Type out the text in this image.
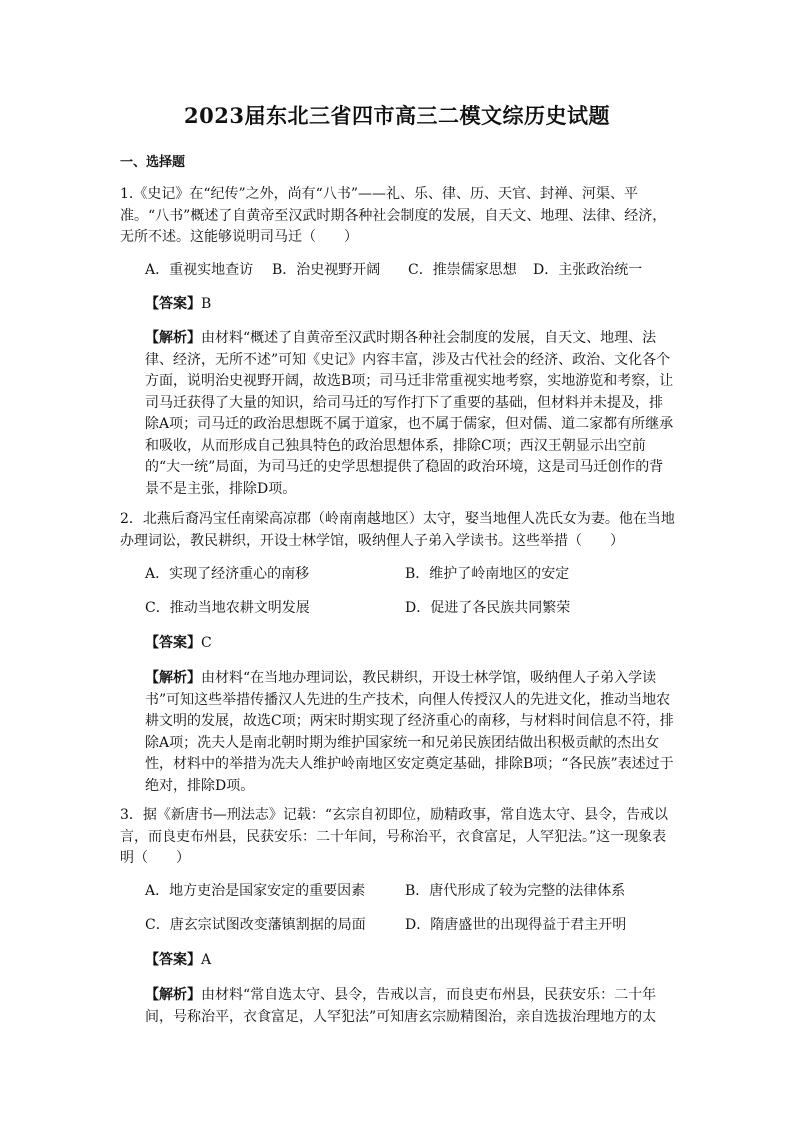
2023届东北三省四市高三二模文综历史试题
一、选择题

1.《史记》在“纪传”之外，尚有“八书”——礼、乐、律、历、天官、封禅、河渠、平准。“八书”概述了自黄帝至汉武时期各种社会制度的发展，自天文、地理、法律、经济，无所不述。这能够说明司马迁（　　）

A．重视实地查访 B．治史视野开阔 C．推崇儒家思想 D．主张政治统一
【答案】B
【解析】由材料“概述了自黄帝至汉武时期各种社会制度的发展，自天文、地理、法律、经济，无所不述”可知《史记》内容丰富，涉及古代社会的经济、政治、文化各个方面，说明治史视野开阔，故选B项；司马迁非常重视实地考察，实地游览和考察，让司马迁获得了大量的知识，给司马迁的写作打下了重要的基础，但材料并未提及，排除A项；司马迁的政治思想既不属于道家，也不属于儒家，但对儒、道二家都有所继承和吸收，从而形成自己独具特色的政治思想体系，排除C项；西汉王朝显示出空前的“大一统”局面，为司马迁的史学思想提供了稳固的政治环境，这是司马迁创作的背景不是主张，排除D项。

2．北燕后裔冯宝任南梁高凉郡（岭南南越地区）太守，娶当地俚人冼氏女为妻。他在当地办理词讼，教民耕织，开设士林学馆，吸纳俚人子弟入学读书。这些举措（　　）

A．实现了经济重心的南移	B．维护了岭南地区的安定
C．推动当地农耕文明发展	D．促进了各民族共同繁荣
【答案】C
【解析】由材料“在当地办理词讼，教民耕织，开设士林学馆，吸纳俚人子弟入学读书”可知这些举措传播汉人先进的生产技术，向俚人传授汉人的先进文化，推动当地农耕文明的发展，故选C项；两宋时期实现了经济重心的南移，与材料时间信息不符，排除A项；冼夫人是南北朝时期为维护国家统一和兄弟民族团结做出积极贡献的杰出女性，材料中的举措为冼夫人维护岭南地区安定奠定基础，排除B项；“各民族”表述过于绝对，排除D项。

3．据《新唐书—刑法志》记载：“玄宗自初即位，励精政事，常自选太守、县令，告戒以言，而良吏布州县，民获安乐：二十年间，号称治平，衣食富足，人罕犯法。”这一现象表明（　　）

A．地方吏治是国家安定的重要因素	B．唐代形成了较为完整的法律体系
C．唐玄宗试图改变藩镇割据的局面	D．隋唐盛世的出现得益于君主开明
【答案】A
【解析】由材料“常自选太守、县令，告戒以言，而良吏布州县，民获安乐：二十年间，号称治平，衣食富足，人罕犯法”可知唐玄宗励精图治，亲自选拔治理地方的太
